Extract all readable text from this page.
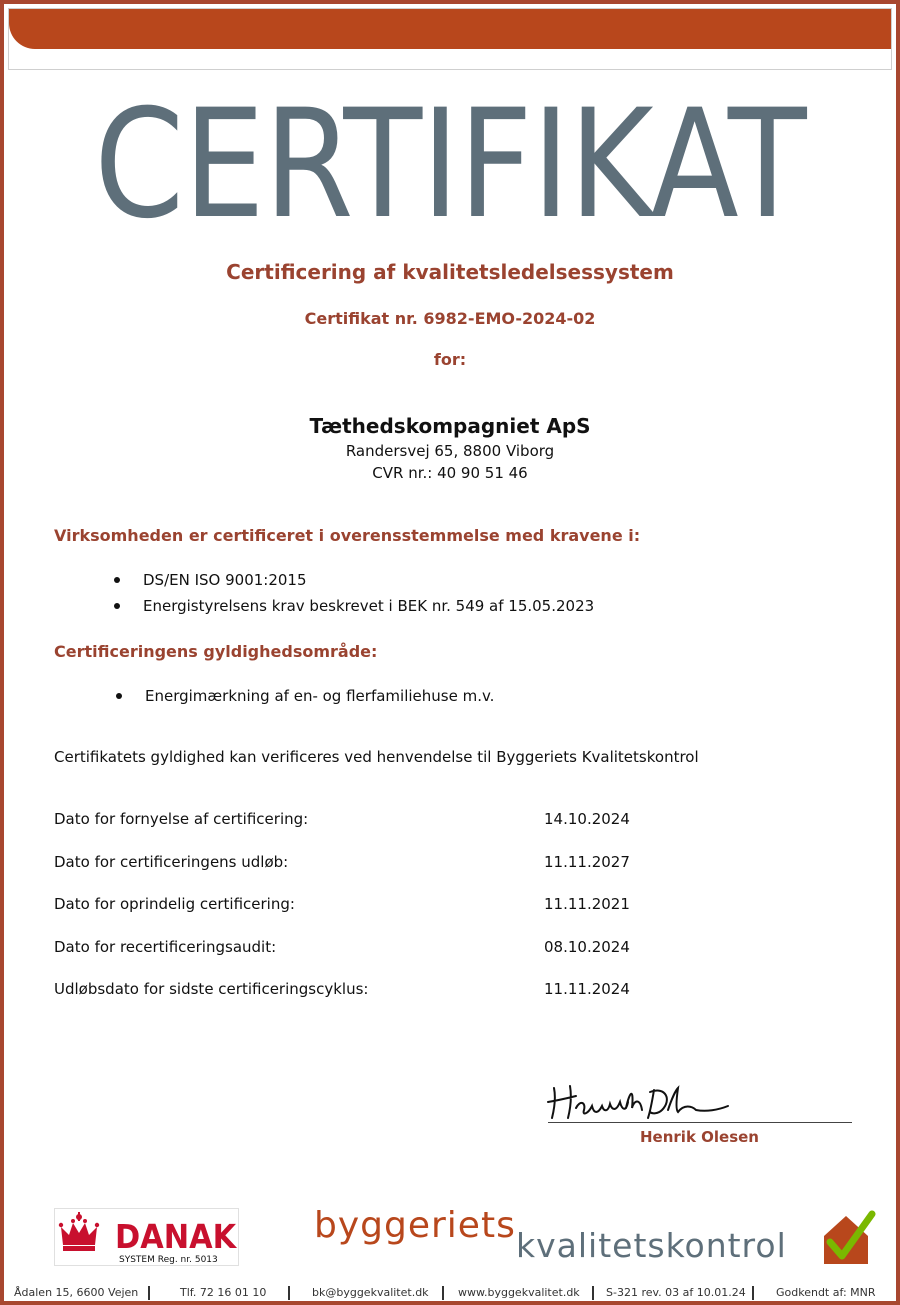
CERTIFIKAT
Certificering af kvalitetsledelsessystem
Certifikat nr. 6982-EMO-2024-02
for:
Tæthedskompagniet ApS
Randersvej 65, 8800 Viborg
CVR nr.: 40 90 51 46
Virksomheden er certificeret i overensstemmelse med kravene i:
DS/EN ISO 9001:2015
Energistyrelsens krav beskrevet i BEK nr. 549 af 15.05.2023
Certificeringens gyldighedsområde:
Energimærkning af en- og flerfamiliehuse m.v.
Certifikatets gyldighed kan verificeres ved henvendelse til Byggeriets Kvalitetskontrol
Dato for fornyelse af certificering:	14.10.2024
Dato for certificeringens udløb:	11.11.2027
Dato for oprindelig certificering:	11.11.2021
Dato for recertificeringsaudit:	08.10.2024
Udløbsdato for sidste certificeringscyklus:	11.11.2024
Henrik Olesen
DANAK
SYSTEM Reg. nr. 5013
byggeriets kvalitetskontrol
Ådalen 15, 6600 Vejen	Tlf. 72 16 01 10	bk@byggekvalitet.dk	www.byggekvalitet.dk S-321 rev. 03 af 10.01.24	Godkendt af: MNR
